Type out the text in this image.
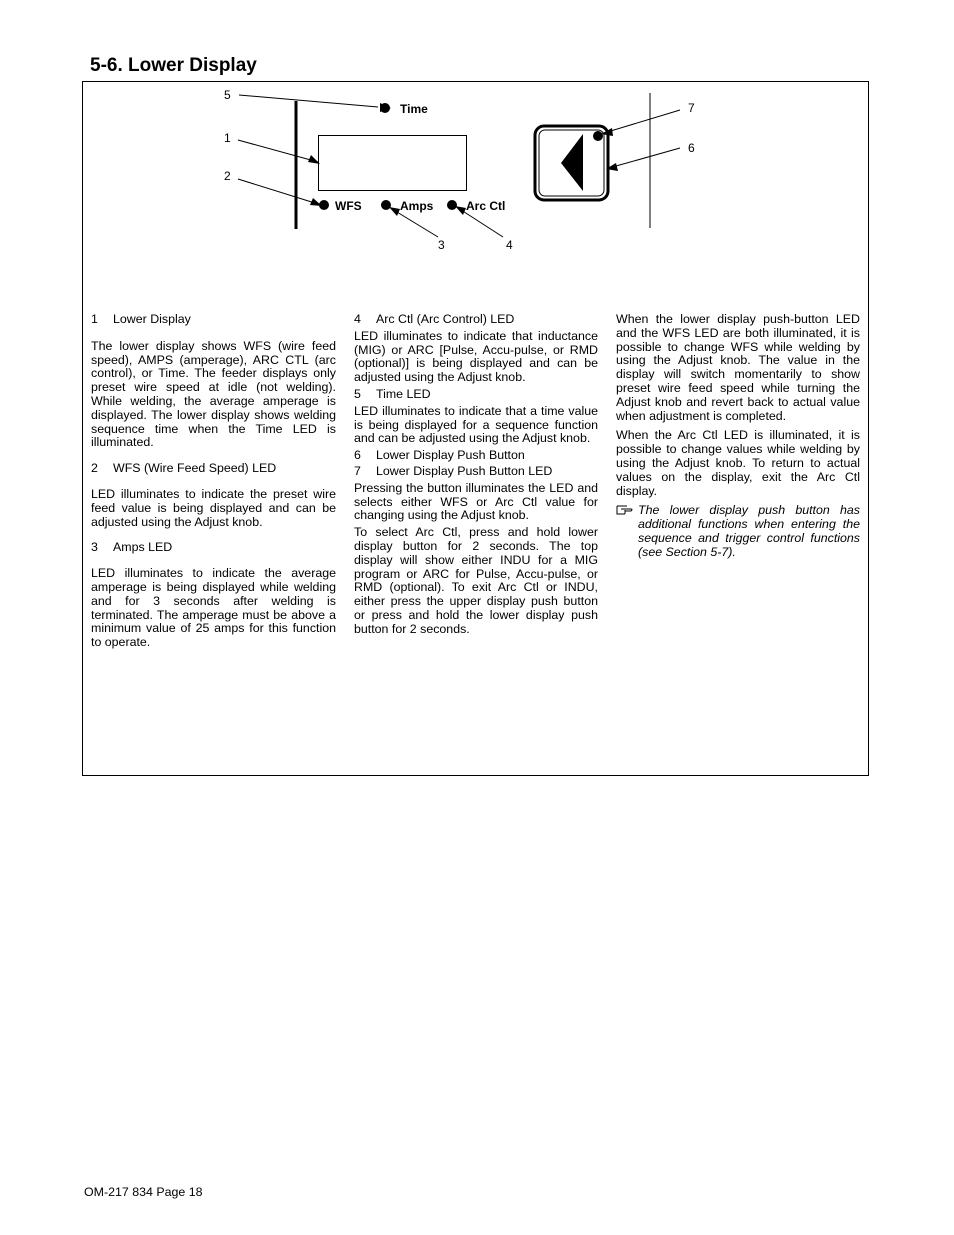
5-6. Lower Display
Time
WFS	Amps	Arc Ctl
5
1
2
3	4
7
6
1	Lower Display

The lower display shows WFS (wire feed speed), AMPS (amperage), ARC CTL (arc control), or Time. The feeder displays only preset wire speed at idle (not welding). While welding, the average amperage is displayed. The lower display shows welding sequence time when the Time LED is illuminated.

2	WFS (Wire Feed Speed) LED

LED illuminates to indicate the preset wire feed value is being displayed and can be adjusted using the Adjust knob.

3	Amps LED

LED illuminates to indicate the average amperage is being displayed while welding and for 3 seconds after welding is terminated. The amperage must be above a minimum value of 25 amps for this function to operate.

4	Arc Ctl (Arc Control) LED

LED illuminates to indicate that inductance (MIG) or ARC [Pulse, Accu-pulse, or RMD (optional)] is being displayed and can be adjusted using the Adjust knob.

5	Time LED

LED illuminates to indicate that a time value is being displayed for a sequence function and can be adjusted using the Adjust knob.

6	Lower Display Push Button
7	Lower Display Push Button LED

Pressing the button illuminates the LED and selects either WFS or Arc Ctl value for changing using the Adjust knob.

To select Arc Ctl, press and hold lower display button for 2 seconds. The top display will show either INDU for a MIG program or ARC for Pulse, Accu-pulse, or RMD (optional). To exit Arc Ctl or INDU, either press the upper display push button or press and hold the lower display push button for 2 seconds.

When the lower display push-button LED and the WFS LED are both illuminated, it is possible to change WFS while welding by using the Adjust knob. The value in the display will switch momentarily to show preset wire feed speed while turning the Adjust knob and revert back to actual value when adjustment is completed.

When the Arc Ctl LED is illuminated, it is possible to change values while welding by using the Adjust knob. To return to actual values on the display, exit the Arc Ctl display.

The lower display push button has additional functions when entering the sequence and trigger control functions (see Section 5-7).

OM-217 834 Page 18
